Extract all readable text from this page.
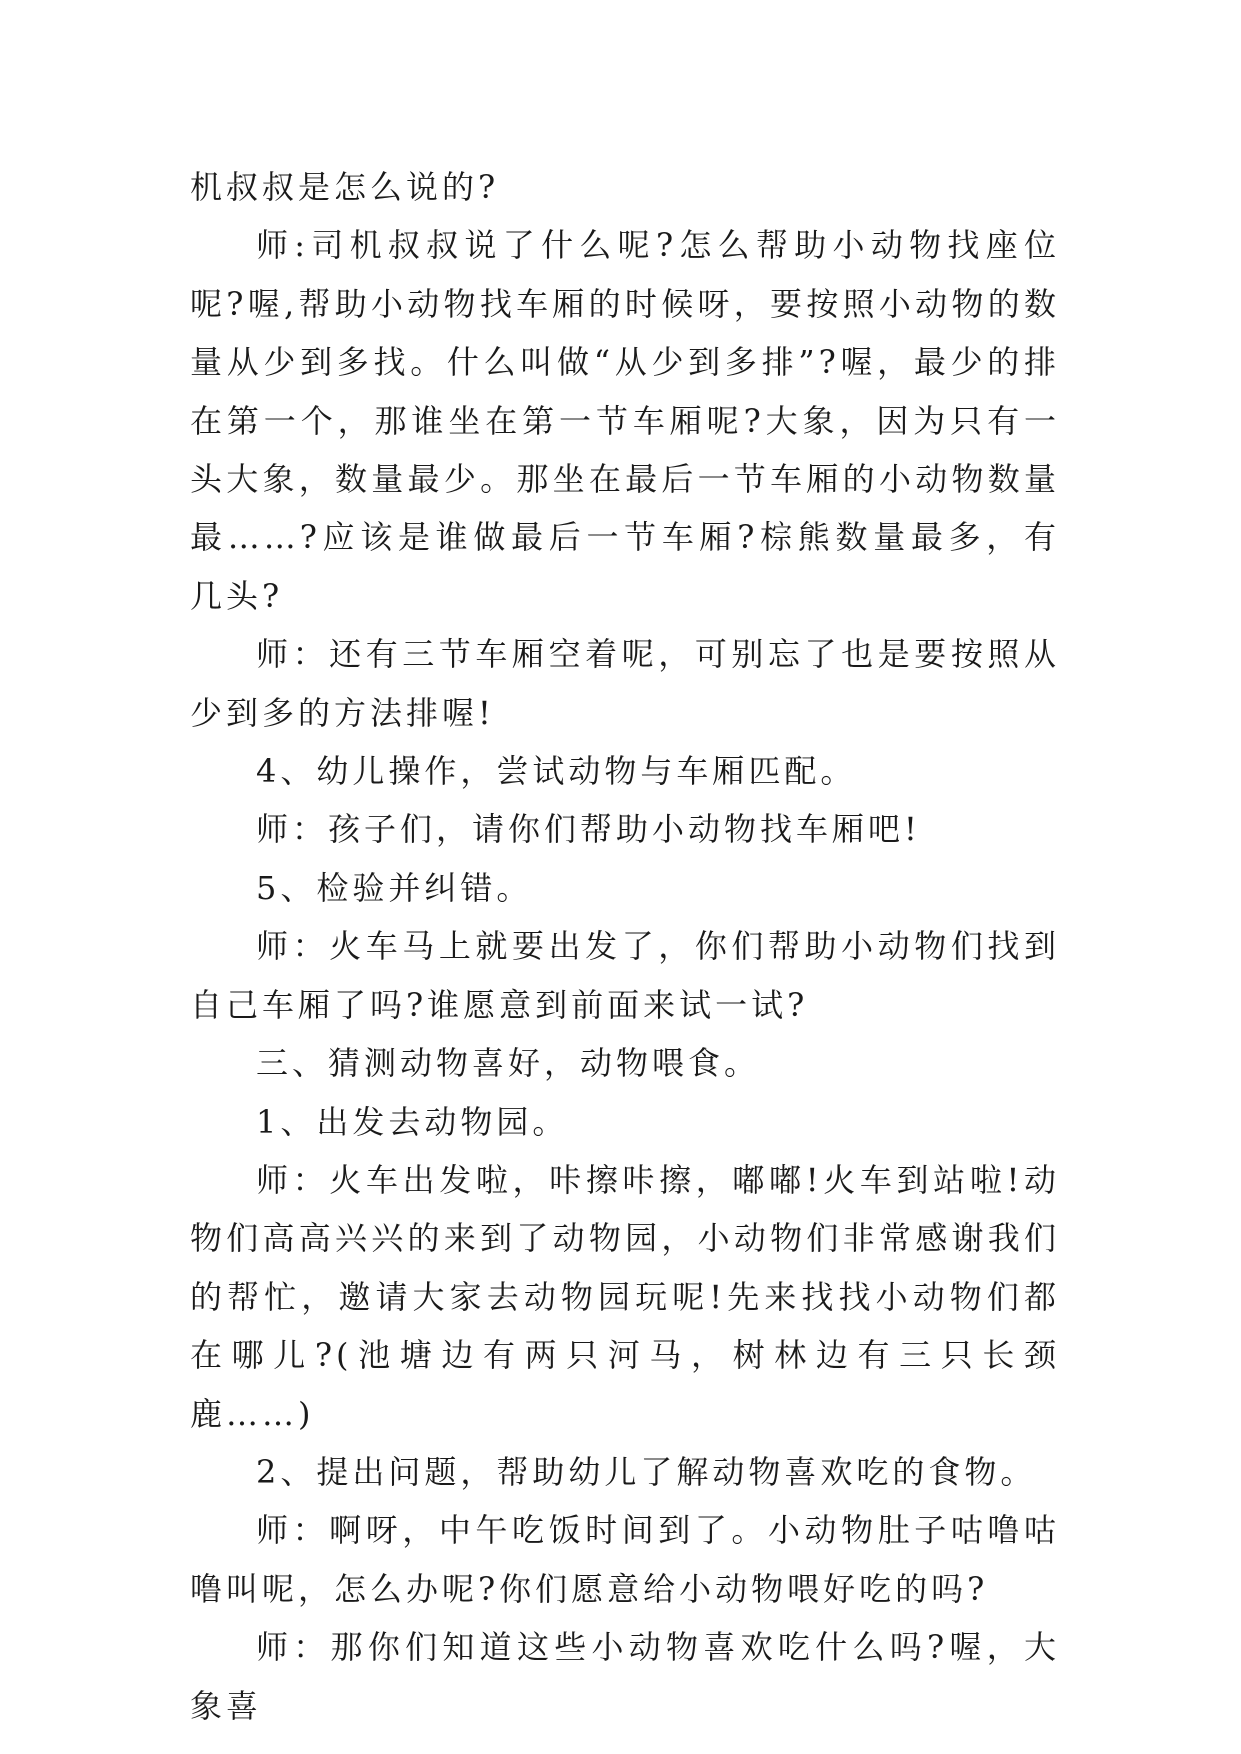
机叔叔是怎么说的?

师:司机叔叔说了什么呢?怎么帮助小动物找座位呢?喔,帮助小动物找车厢的时候呀，要按照小动物的数量从少到多找。什么叫做“从少到多排”?喔，最少的排在第一个，那谁坐在第一节车厢呢?大象，因为只有一头大象，数量最少。那坐在最后一节车厢的小动物数量最……?应该是谁做最后一节车厢?棕熊数量最多，有几头?

师：还有三节车厢空着呢，可别忘了也是要按照从少到多的方法排喔!

4、幼儿操作，尝试动物与车厢匹配。

师：孩子们，请你们帮助小动物找车厢吧!

5、检验并纠错。

师：火车马上就要出发了，你们帮助小动物们找到自己车厢了吗?谁愿意到前面来试一试?

三、猜测动物喜好，动物喂食。

1、出发去动物园。

师：火车出发啦，咔擦咔擦，嘟嘟!火车到站啦!动物们高高兴兴的来到了动物园，小动物们非常感谢我们的帮忙，邀请大家去动物园玩呢!先来找找小动物们都在哪儿?(池塘边有两只河马，树林边有三只长颈鹿……)

2、提出问题，帮助幼儿了解动物喜欢吃的食物。

师：啊呀，中午吃饭时间到了。小动物肚子咕噜咕噜叫呢，怎么办呢?你们愿意给小动物喂好吃的吗?

师：那你们知道这些小动物喜欢吃什么吗?喔，大象喜
